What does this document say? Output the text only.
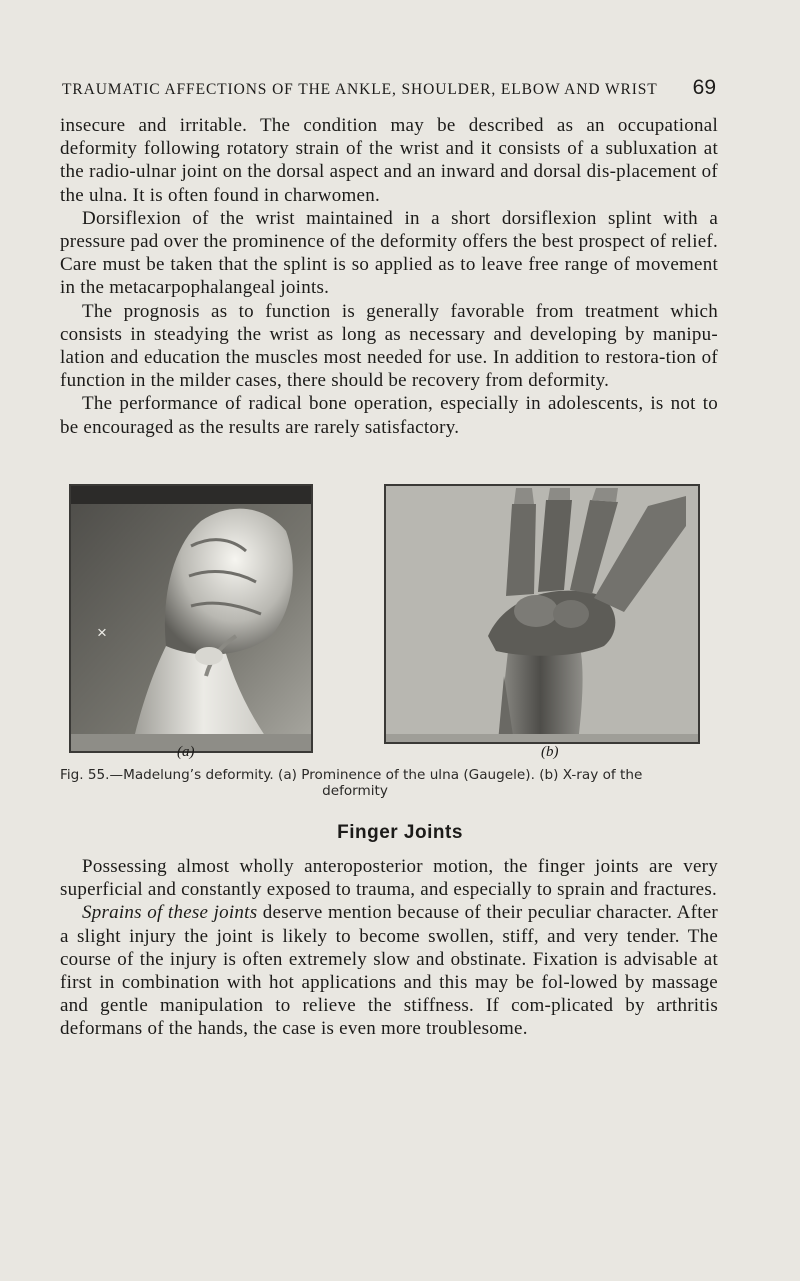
TRAUMATIC AFFECTIONS OF THE ANKLE, SHOULDER, ELBOW AND WRIST 69

insecure and irritable. The condition may be described as an occupational deformity following rotatory strain of the wrist and it consists of a subluxation at the radio-ulnar joint on the dorsal aspect and an inward and dorsal dis-placement of the ulna. It is often found in charwomen.

Dorsiflexion of the wrist maintained in a short dorsiflexion splint with a pressure pad over the prominence of the deformity offers the best prospect of relief. Care must be taken that the splint is so applied as to leave free range of movement in the metacarpophalangeal joints.

The prognosis as to function is generally favorable from treatment which consists in steadying the wrist as long as necessary and developing by manipu-lation and education the muscles most needed for use. In addition to restora-tion of function in the milder cases, there should be recovery from deformity.

The performance of radical bone operation, especially in adolescents, is not to be encouraged as the results are rarely satisfactory.

×
(a)	(b)
Fig. 55.—Madelung’s deformity. (a) Prominence of the ulna (Gaugele). (b) X-ray of the
deformity
Finger Joints

Possessing almost wholly anteroposterior motion, the finger joints are very superficial and constantly exposed to trauma, and especially to sprain and fractures.

Sprains of these joints deserve mention because of their peculiar character. After a slight injury the joint is likely to become swollen, stiff, and very tender. The course of the injury is often extremely slow and obstinate. Fixation is advisable at first in combination with hot applications and this may be fol-lowed by massage and gentle manipulation to relieve the stiffness. If com-plicated by arthritis deformans of the hands, the case is even more troublesome.
